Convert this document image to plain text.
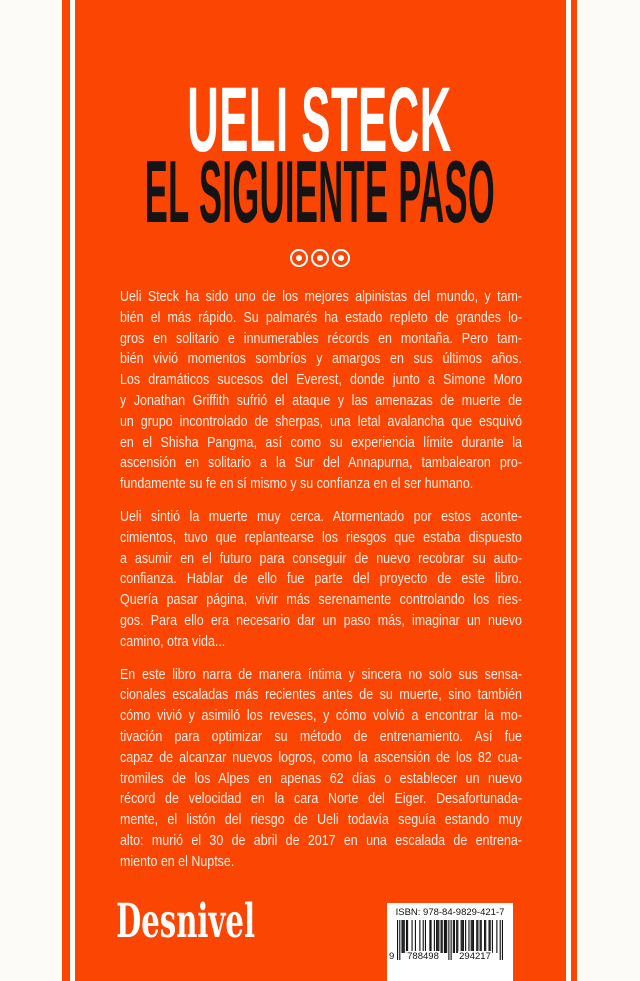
UELI STECK
EL SIGUIENTE PASO
Ueli Steck ha sido uno de los mejores alpinistas del mundo, y tam-
bién el más rápido. Su palmarés ha estado repleto de grandes lo-
gros en solitario e innumerables récords en montaña. Pero tam-
bién vivió momentos sombríos y amargos en sus últimos años.
Los dramáticos sucesos del Everest, donde junto a Simone Moro
y Jonathan Griffith sufrió el ataque y las amenazas de muerte de
un grupo incontrolado de sherpas, una letal avalancha que esquivó
en el Shisha Pangma, así como su experiencia límite durante la
ascensión en solitario a la Sur del Annapurna, tambalearon pro-
fundamente su fe en sí mismo y su confianza en el ser humano.
Ueli sintió la muerte muy cerca. Atormentado por estos aconte-
cimientos, tuvo que replantearse los riesgos que estaba dispuesto
a asumir en el futuro para conseguir de nuevo recobrar su auto-
confianza. Hablar de ello fue parte del proyecto de este libro.
Quería pasar página, vivir más serenamente controlando los ries-
gos. Para ello era necesario dar un paso más, imaginar un nuevo
camino, otra vida...
En este libro narra de manera íntima y sincera no solo sus sensa-
cionales escaladas más recientes antes de su muerte, sino también
cómo vivió y asimiló los reveses, y cómo volvió a encontrar la mo-
tivación para optimizar su método de entrenamiento. Así fue
capaz de alcanzar nuevos logros, como la ascensión de los 82 cua-
tromiles de los Alpes en apenas 62 días o establecer un nuevo
récord de velocidad en la cara Norte del Eiger. Desafortunada-
mente, el listón del riesgo de Ueli todavía seguía estando muy
alto: murió el 30 de abril de 2017 en una escalada de entrena-
miento en el Nuptse.
Desnivel	ISBN: 978-84-9829-421-7
9 788498 294217
